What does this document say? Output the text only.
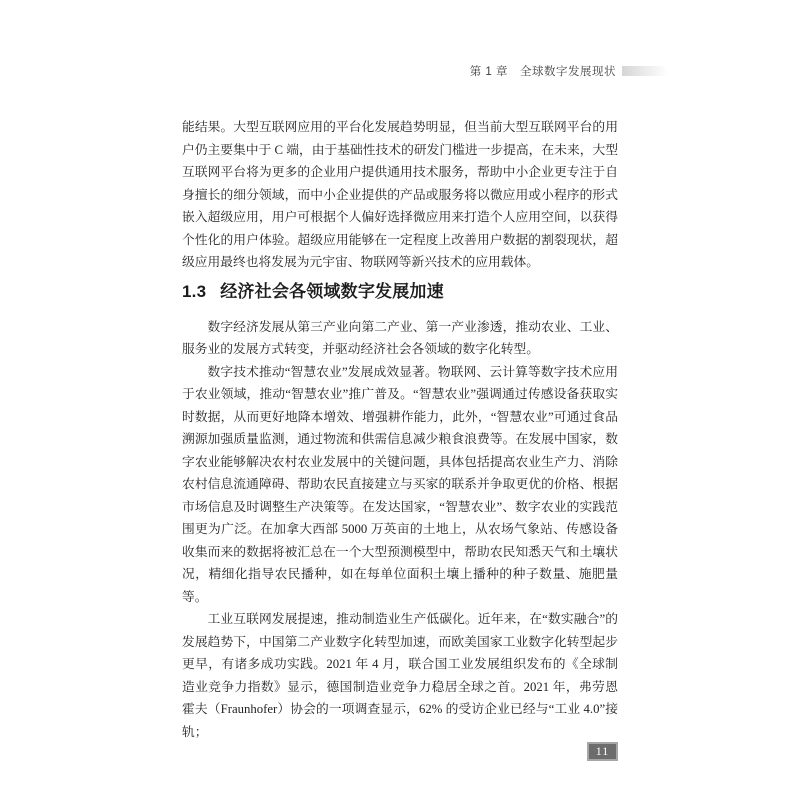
第 1 章 全球数字发展现状

能结果。大型互联网应用的平台化发展趋势明显，但当前大型互联网平台的用户仍主要集中于 C 端，由于基础性技术的研发门槛进一步提高，在未来，大型互联网平台将为更多的企业用户提供通用技术服务，帮助中小企业更专注于自身擅长的细分领域，而中小企业提供的产品或服务将以微应用或小程序的形式嵌入超级应用，用户可根据个人偏好选择微应用来打造个人应用空间，以获得个性化的用户体验。超级应用能够在一定程度上改善用户数据的割裂现状，超级应用最终也将发展为元宇宙、物联网等新兴技术的应用载体。

1.3 经济社会各领域数字发展加速

数字经济发展从第三产业向第二产业、第一产业渗透，推动农业、工业、服务业的发展方式转变，并驱动经济社会各领域的数字化转型。

数字技术推动“智慧农业”发展成效显著。物联网、云计算等数字技术应用于农业领域，推动“智慧农业”推广普及。“智慧农业”强调通过传感设备获取实时数据，从而更好地降本增效、增强耕作能力，此外，“智慧农业”可通过食品溯源加强质量监测，通过物流和供需信息减少粮食浪费等。在发展中国家，数字农业能够解决农村农业发展中的关键问题，具体包括提高农业生产力、消除农村信息流通障碍、帮助农民直接建立与买家的联系并争取更优的价格、根据市场信息及时调整生产决策等。在发达国家，“智慧农业”、数字农业的实践范围更为广泛。在加拿大西部 5000 万英亩的土地上，从农场气象站、传感设备收集而来的数据将被汇总在一个大型预测模型中，帮助农民知悉天气和土壤状况，精细化指导农民播种，如在每单位面积土壤上播种的种子数量、施肥量等。

工业互联网发展提速，推动制造业生产低碳化。近年来，在“数实融合”的发展趋势下，中国第二产业数字化转型加速，而欧美国家工业数字化转型起步更早，有诸多成功实践。2021 年 4 月，联合国工业发展组织发布的《全球制造业竞争力指数》显示，德国制造业竞争力稳居全球之首。2021 年，弗劳恩霍夫（Fraunhofer）协会的一项调查显示，62% 的受访企业已经与“工业 4.0”接轨；

11
